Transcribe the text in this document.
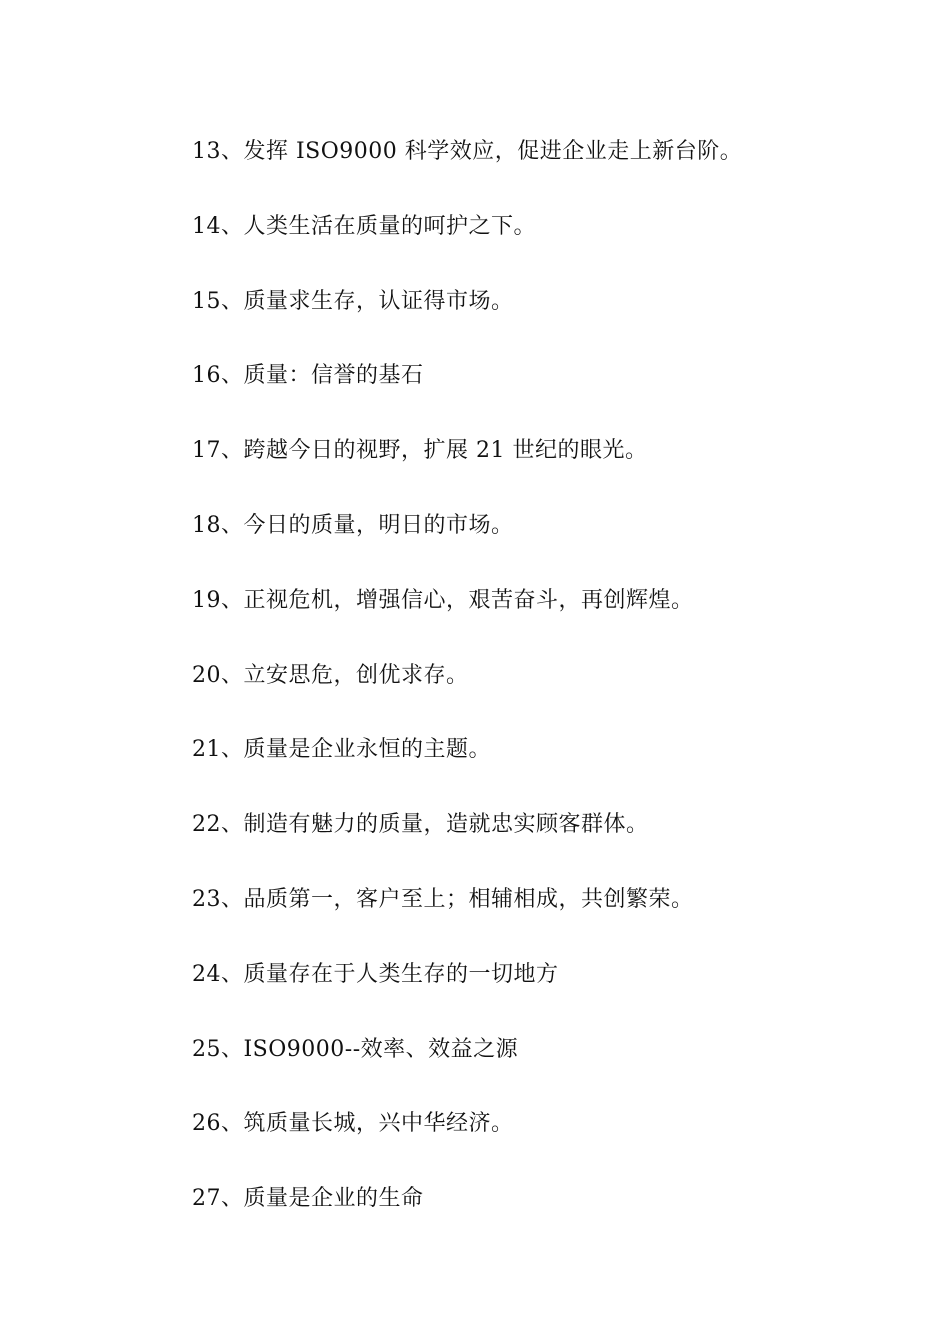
13、发挥 ISO9000 科学效应，促进企业走上新台阶。
14、人类生活在质量的呵护之下。
15、质量求生存，认证得市场。
16、质量：信誉的基石
17、跨越今日的视野，扩展 21 世纪的眼光。
18、今日的质量，明日的市场。
19、正视危机，增强信心，艰苦奋斗，再创辉煌。
20、立安思危，创优求存。
21、质量是企业永恒的主题。
22、制造有魅力的质量，造就忠实顾客群体。
23、品质第一，客户至上；相辅相成，共创繁荣。
24、质量存在于人类生存的一切地方
25、ISO9000--效率、效益之源
26、筑质量长城，兴中华经济。
27、质量是企业的生命
